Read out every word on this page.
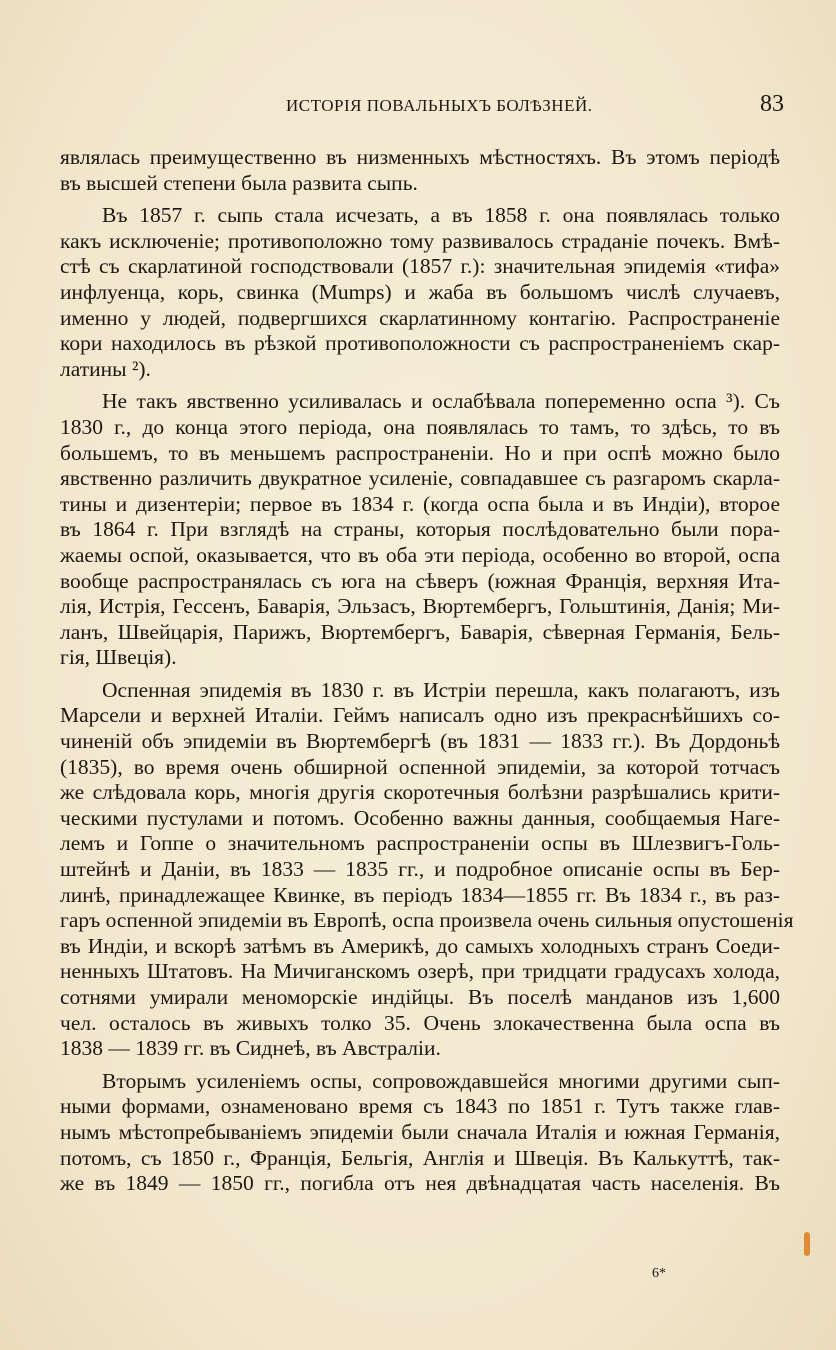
ИСТОРІЯ ПОВАЛЬНЫХЪ БОЛѢЗНЕЙ.	83
являлась преимущественно въ низменныхъ мѣстностяхъ. Въ этомъ періодѣ
въ высшей степени была развита сыпь.
Въ 1857 г. сыпь стала исчезать, а въ 1858 г. она появлялась только
какъ исключеніе; противоположно тому развивалось страданіе почекъ. Вмѣ-
стѣ съ скарлатиной господствовали (1857 г.): значительная эпидемія «тифа»
инфлуенца, корь, свинка (Mumps) и жаба въ большомъ числѣ случаевъ,
именно у людей, подвергшихся скарлатинному контагію. Распространеніе
кори находилось въ рѣзкой противоположности съ распространеніемъ скар-
латины ²).
Не такъ явственно усиливалась и ослабѣвала попеременно оспа ³). Съ
1830 г., до конца этого періода, она появлялась то тамъ, то здѣсь, то въ
большемъ, то въ меньшемъ распространеніи. Но и при оспѣ можно было
явственно различить двукратное усиленіе, совпадавшее съ разгаромъ скарла-
тины и дизентеріи; первое въ 1834 г. (когда оспа была и въ Индіи), второе
въ 1864 г. При взглядѣ на страны, которыя послѣдовательно были пора-
жаемы оспой, оказывается, что въ оба эти періода, особенно во второй, оспа
вообще распространялась съ юга на сѣверъ (южная Францiя, верхняя Ита-
лія, Истрія, Гессенъ, Баварія, Эльзасъ, Вюртембергъ, Гольштинія, Данія; Ми-
ланъ, Швейцарія, Парижъ, Вюртембергъ, Баварія, сѣверная Германія, Бель-
гія, Швеція).
Оспенная эпидемія въ 1830 г. въ Истріи перешла, какъ полагаютъ, изъ
Марсели и верхней Италіи. Геймъ написалъ одно изъ прекраснѣйшихъ со-
чиненій объ эпидеміи въ Вюртембергѣ (въ 1831 — 1833 гг.). Въ Дордоньѣ
(1835), во время очень обширной оспенной эпидеміи, за которой тотчасъ
же слѣдовала корь, многія другія скоротечныя болѣзни разрѣшались крити-
ческими пустулами и потомъ. Особенно важны данныя, сообщаемыя Наге-
лемъ и Гоппе о значительномъ распространеніи оспы въ Шлезвигъ-Голь-
штейнѣ и Даніи, въ 1833 — 1835 гг., и подробное описаніе оспы въ Бер-
линѣ, принадлежащее Квинке, въ періодъ 1834—1855 гг. Въ 1834 г., въ раз-
гаръ оспенной эпидеміи въ Европѣ, оспа произвела очень сильныя опустошенія
въ Индіи, и вскорѣ затѣмъ въ Америкѣ, до самыхъ холодныхъ странъ Соеди-
ненныхъ Штатовъ. На Мичиганскомъ озерѣ, при тридцати градусахъ холода,
сотнями умирали меноморскіе индійцы. Въ поселѣ манданов изъ 1,600
чел. осталось въ живыхъ толко 35. Очень злокачественна была оспа въ
1838 — 1839 гг. въ Сиднеѣ, въ Австраліи.
Вторымъ усиленіемъ оспы, сопровождавшейся многими другими сып-
ными формами, ознаменовано время съ 1843 по 1851 г. Тутъ также глав-
нымъ мѣстопребываніемъ эпидеміи были сначала Италія и южная Германія,
потомъ, съ 1850 г., Франція, Бельгія, Англія и Швеція. Въ Калькуттѣ, так-
же въ 1849 — 1850 гг., погибла отъ нея двѣнадцатая часть населенія. Въ
6*
